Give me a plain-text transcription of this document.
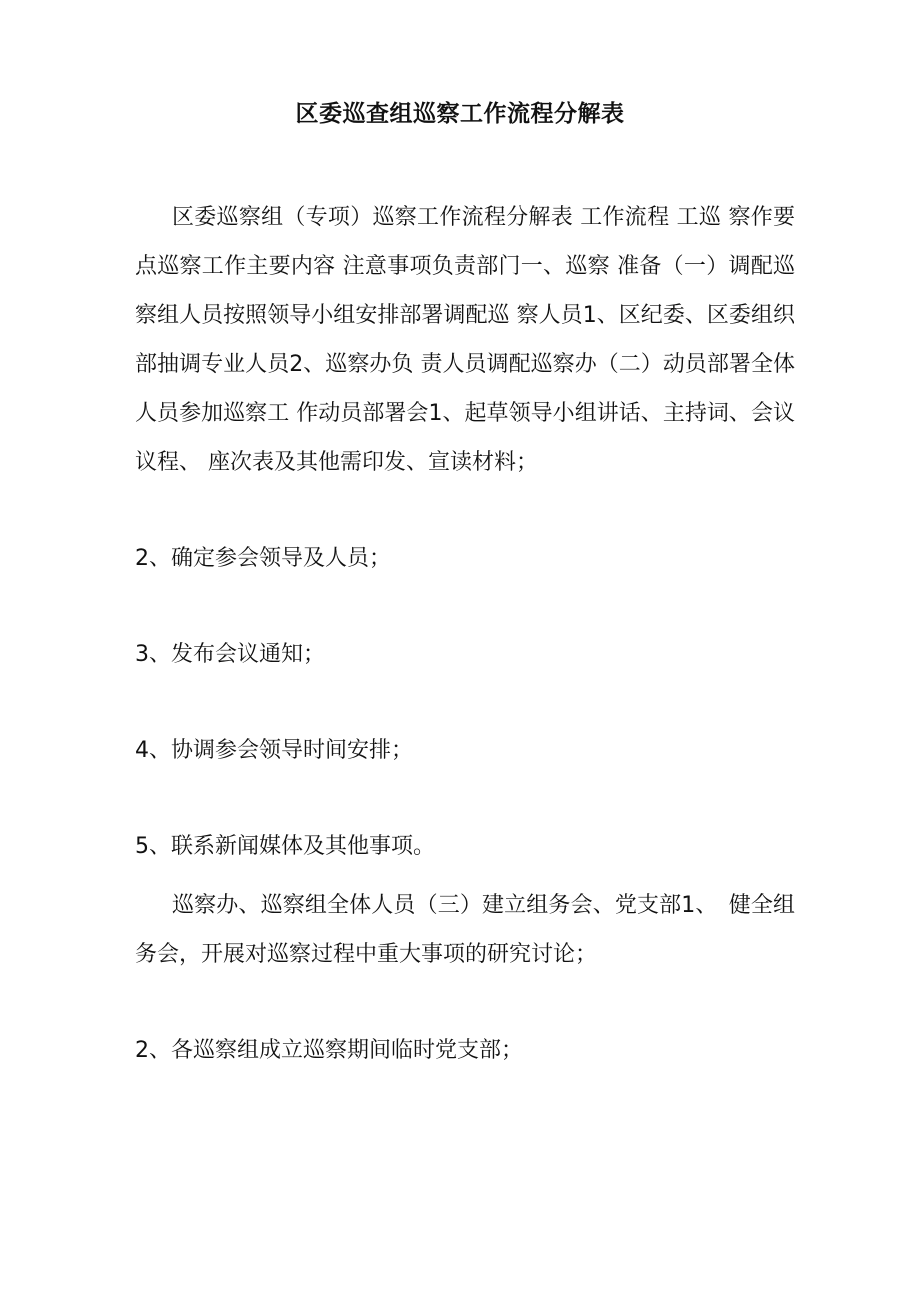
区委巡查组巡察工作流程分解表
区委巡察组（专项）巡察工作流程分解表 工作流程 工巡 察作要点巡察工作主要内容 注意事项负责部门一、巡察 准备（一）调配巡察组人员按照领导小组安排部署调配巡 察人员1、区纪委、区委组织部抽调专业人员2、巡察办负 责人员调配巡察办（二）动员部署全体人员参加巡察工 作动员部署会1、起草领导小组讲话、主持词、会议议程、 座次表及其他需印发、宣读材料；
2、确定参会领导及人员；
3、发布会议通知；
4、协调参会领导时间安排；
5、联系新闻媒体及其他事项。
巡察办、巡察组全体人员（三）建立组务会、党支部1、　健全组务会，开展对巡察过程中重大事项的研究讨论；
2、各巡察组成立巡察期间临时党支部；
